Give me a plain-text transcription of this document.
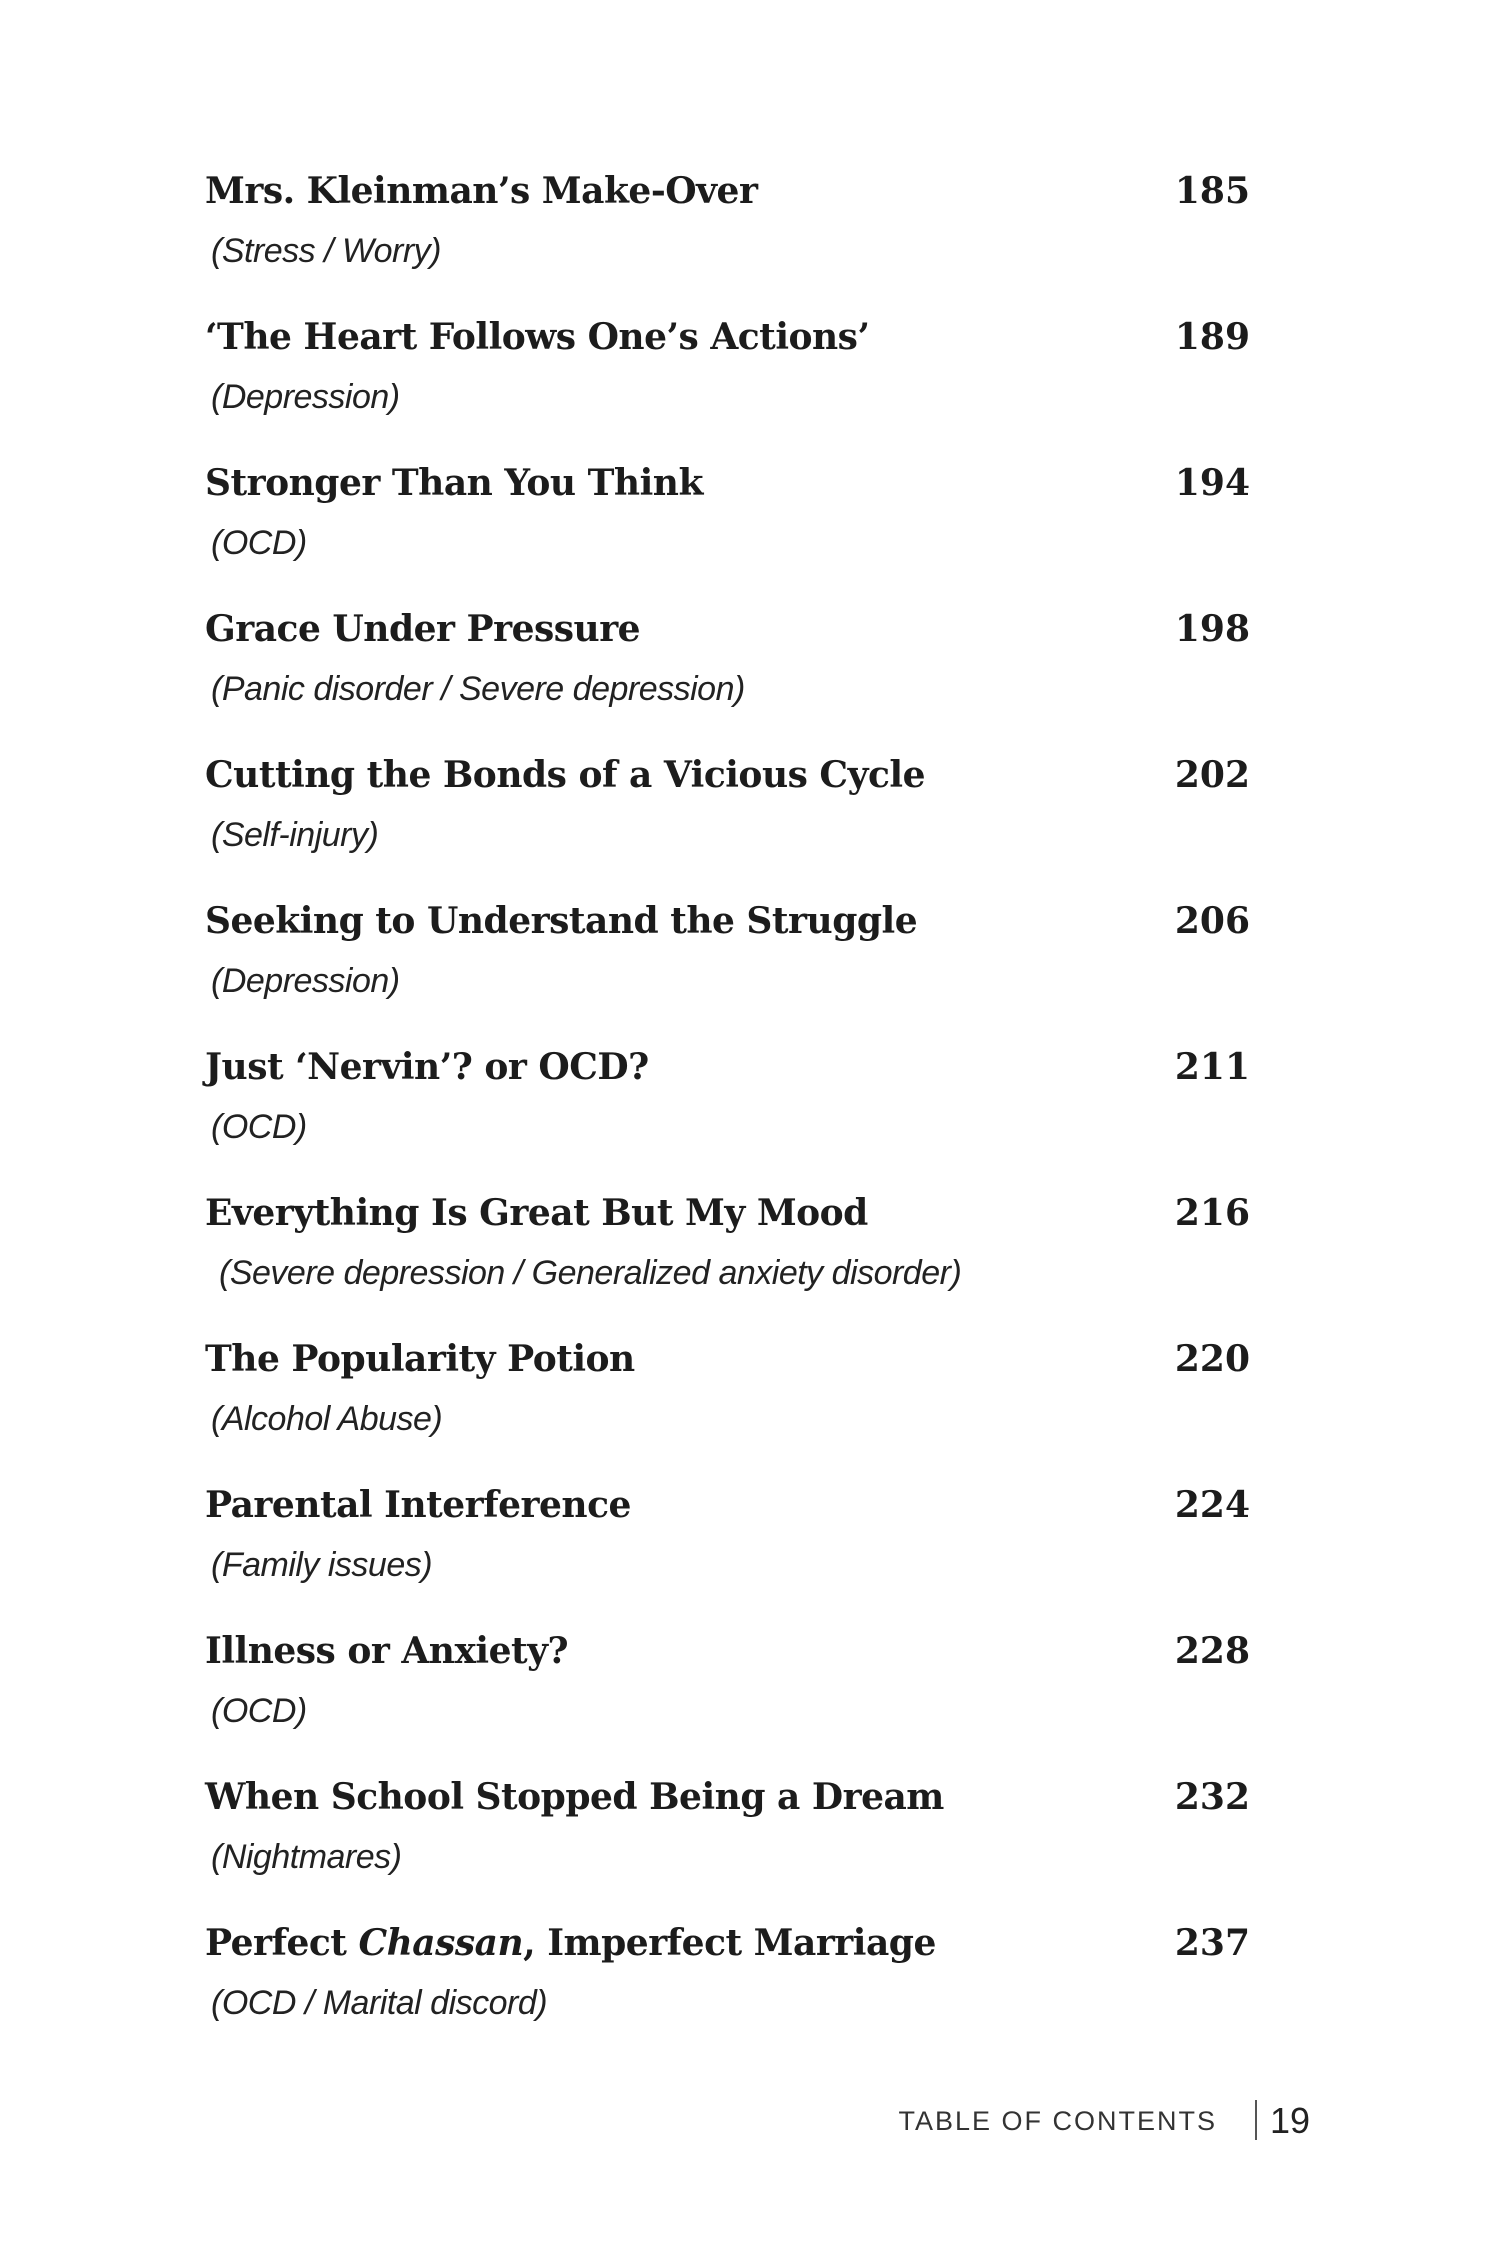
Mrs. Kleinman’s Make-Over	185
(Stress / Worry)
‘The Heart Follows One’s Actions’	189
(Depression)
Stronger Than You Think	194
(OCD)
Grace Under Pressure	198
(Panic disorder / Severe depression)
Cutting the Bonds of a Vicious Cycle	202
(Self-injury)
Seeking to Understand the Struggle	206
(Depression)
Just ‘Nervin’? or OCD?	211
(OCD)
Everything Is Great But My Mood	216
(Severe depression / Generalized anxiety disorder)
The Popularity Potion	220
(Alcohol Abuse)
Parental Interference	224
(Family issues)
Illness or Anxiety?	228
(OCD)
When School Stopped Being a Dream	232
(Nightmares)
Perfect Chassan, Imperfect Marriage	237
(OCD / Marital discord)
TABLE OF CONTENTS 19
